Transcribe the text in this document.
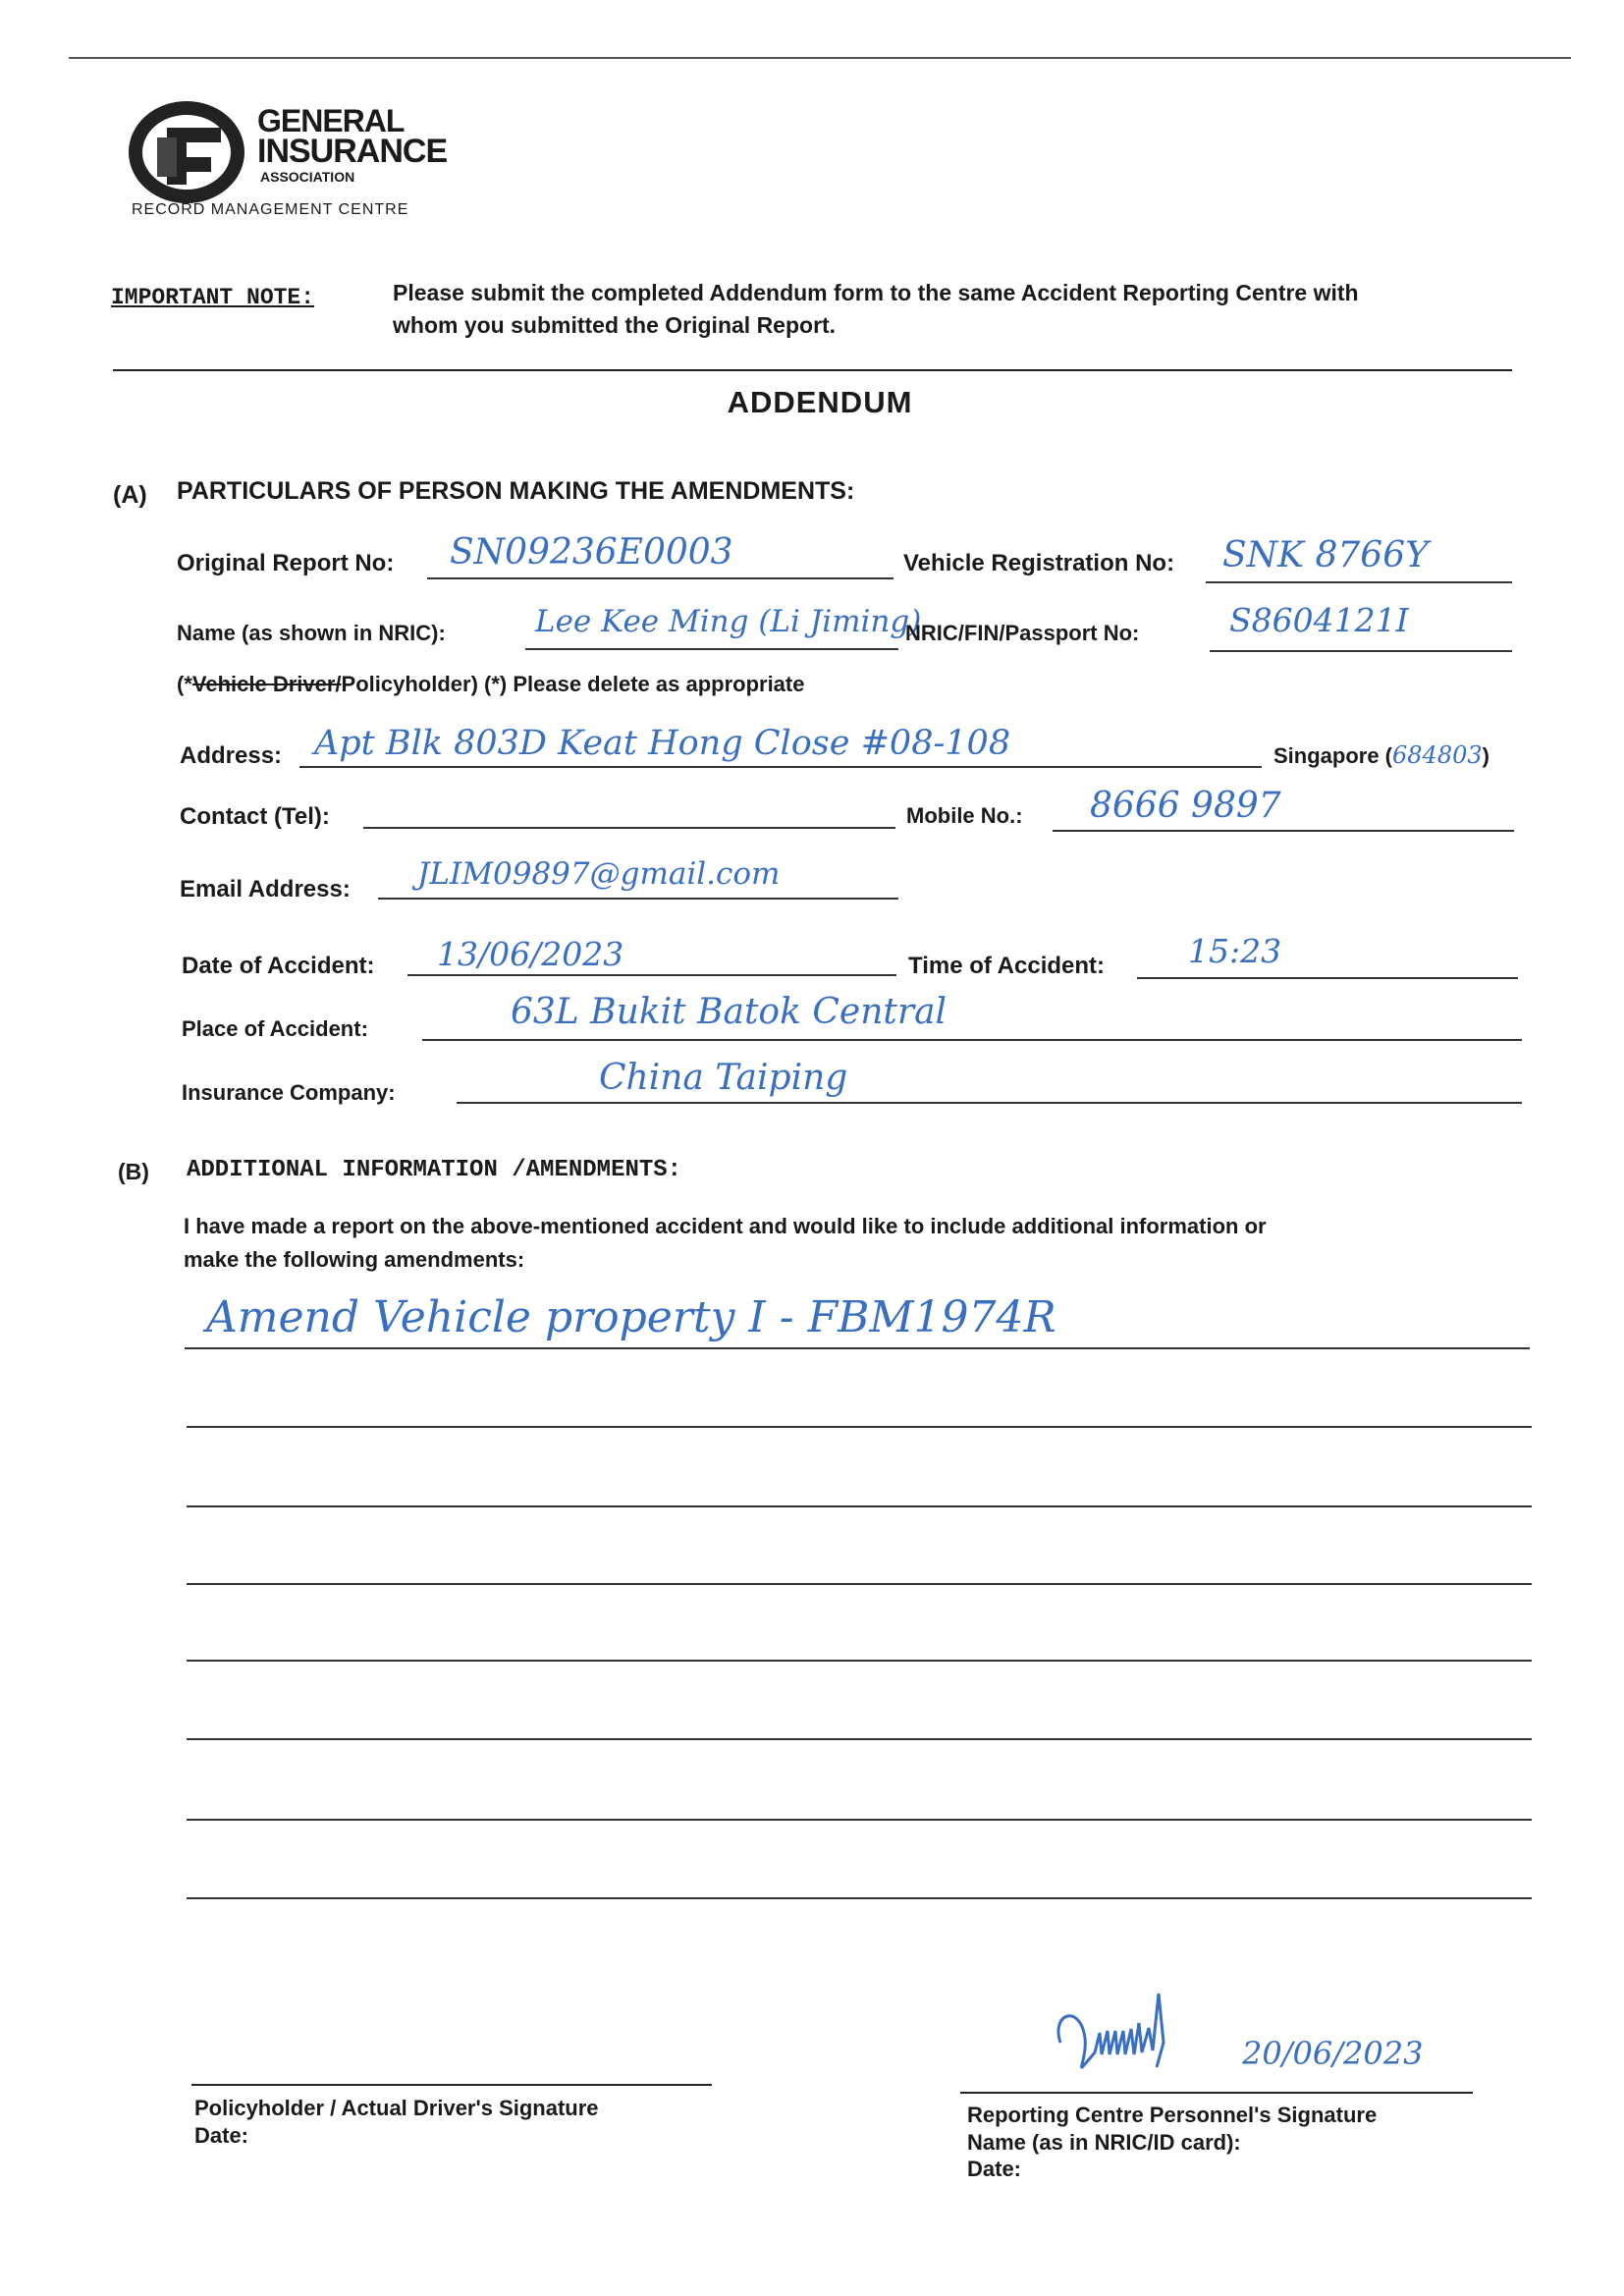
GENERAL
INSURANCE
ASSOCIATION
RECORD MANAGEMENT CENTRE
IMPORTANT NOTE:	Please submit the completed Addendum form to the same Accident Reporting Centre with
whom you submitted the Original Report.
ADDENDUM
(A) PARTICULARS OF PERSON MAKING THE AMENDMENTS:
Original Report No: SN09236E0003	Vehicle Registration No: SNK 8766Y
Name (as shown in NRIC):	Lee Kee Ming (Li Jiming)
NRIC/FIN/Passport No:	S8604121I
(*Vehicle Driver/Policyholder) (*) Please delete as appropriate
Address: Apt Blk 803D Keat Hong Close #08-108	Singapore (684803)
Contact (Tel):	Mobile No.: 8666 9897
Email Address: JLIM09897@gmail.com
Date of Accident: 13/06/2023	Time of Accident:	15:23
Place of Accident:	63L Bukit Batok Central
Insurance Company:	China Taiping
(B) ADDITIONAL INFORMATION /AMENDMENTS:
I have made a report on the above-mentioned accident and would like to include additional information or
make the following amendments:
Amend Vehicle property I - FBM1974R
Policyholder / Actual Driver's Signature
Date:
20/06/2023
Reporting Centre Personnel's Signature
Name (as in NRIC/ID card):
Date:
